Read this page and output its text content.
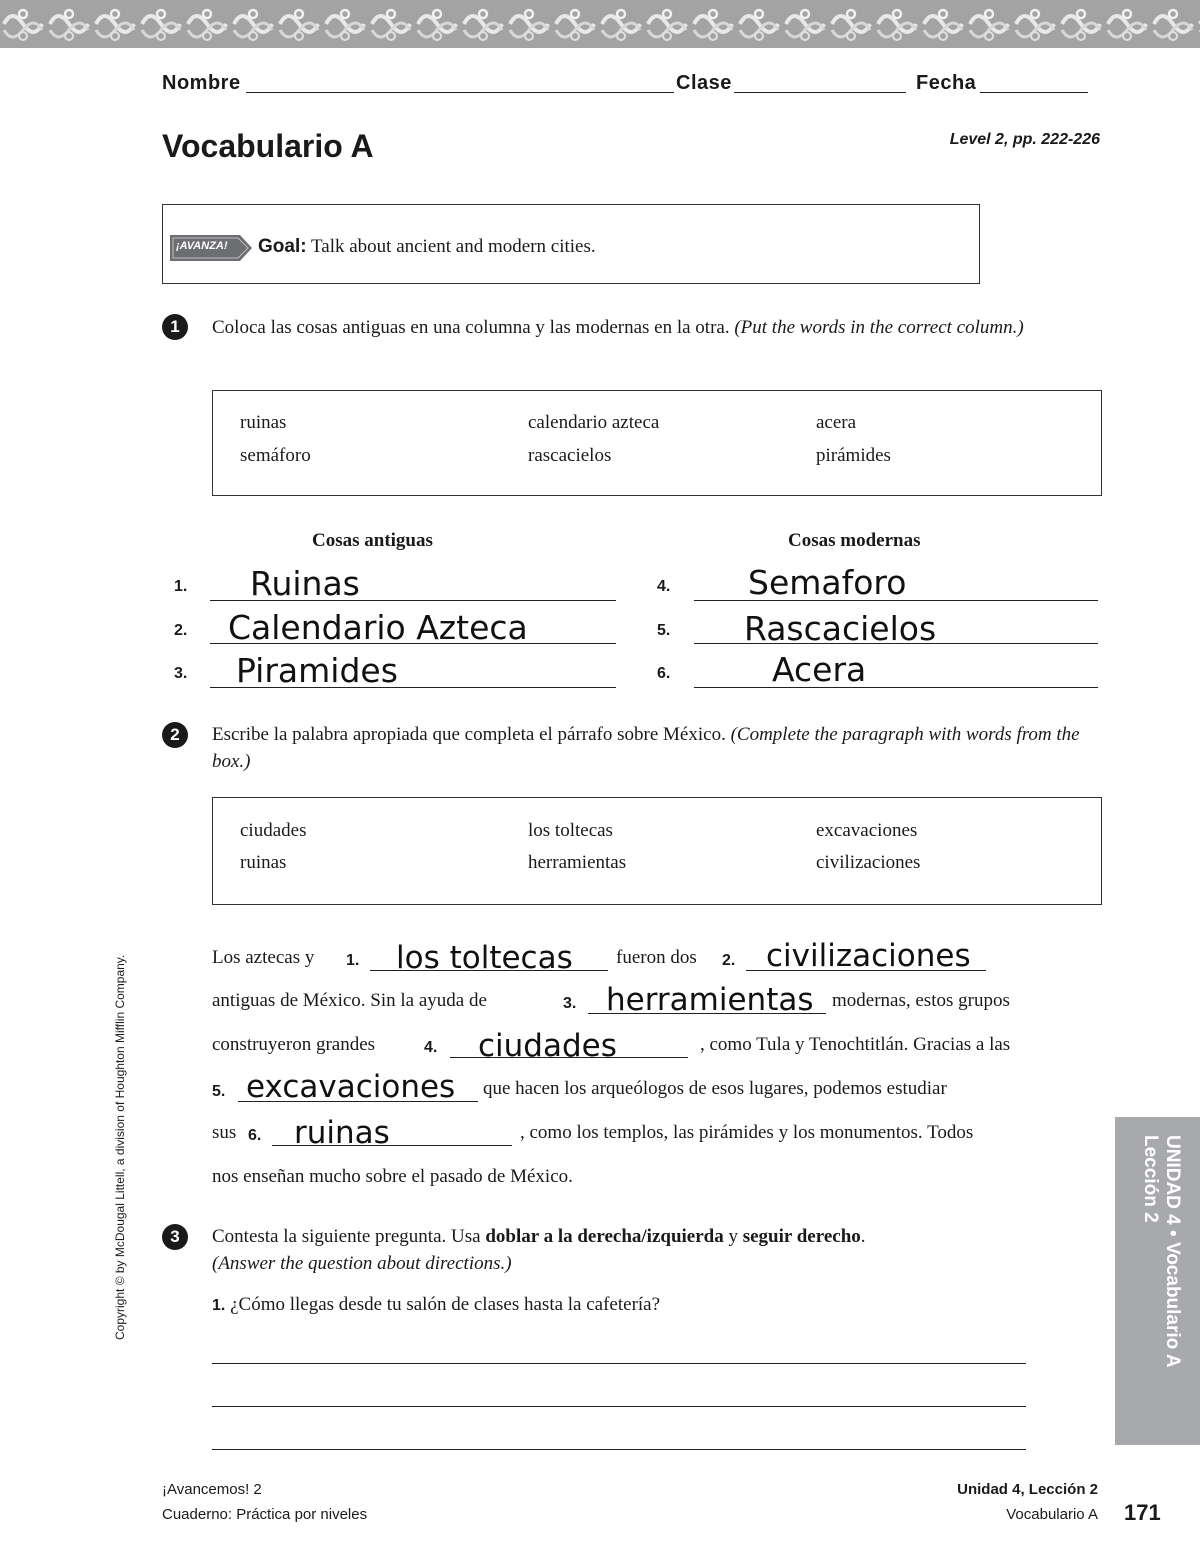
Nombre	Clase	Fecha
Vocabulario A	Level 2, pp. 222-226
¡AVANZA! Goal: Talk about ancient and modern cities.
1	Coloca las cosas antiguas en una columna y las modernas en la otra. (Put the words in the correct column.)
ruinas	calendario azteca	acera
semáforo	rascacielos	pirámides
Cosas antiguas	Cosas modernas
1. Ruinas
2. Calendario Azteca
3. Piramides
4. Semaforo
5. Rascacielos
6.	Acera
2	Escribe la palabra apropiada que completa el párrafo sobre México. (Complete the paragraph with words from the box.)
ciudades	los toltecas	excavaciones
ruinas	herramientas	civilizaciones
Los aztecas y 1. los toltecas fueron dos 2. civilizaciones
antiguas de México. Sin la ayuda de	3. herramientas modernas, estos grupos
construyeron grandes	4. ciudades	, como Tula y Tenochtitlán. Gracias a las
5. excavaciones que hacen los arqueólogos de esos lugares, podemos estudiar
sus 6. ruinas	, como los templos, las pirámides y los monumentos. Todos
nos enseñan mucho sobre el pasado de México.
3	Contesta la siguiente pregunta. Usa doblar a la derecha/izquierda y seguir derecho.
(Answer the question about directions.)
1. ¿Cómo llegas desde tu salón de clases hasta la cafetería?	UNIDAD 4 • Vocabulario A
Lección 2
Copyright © by McDougal Littell, a division of Houghton Mifflin Company.
¡Avancemos! 2
Cuaderno: Práctica por niveles
Unidad 4, Lección 2
Vocabulario A 171
